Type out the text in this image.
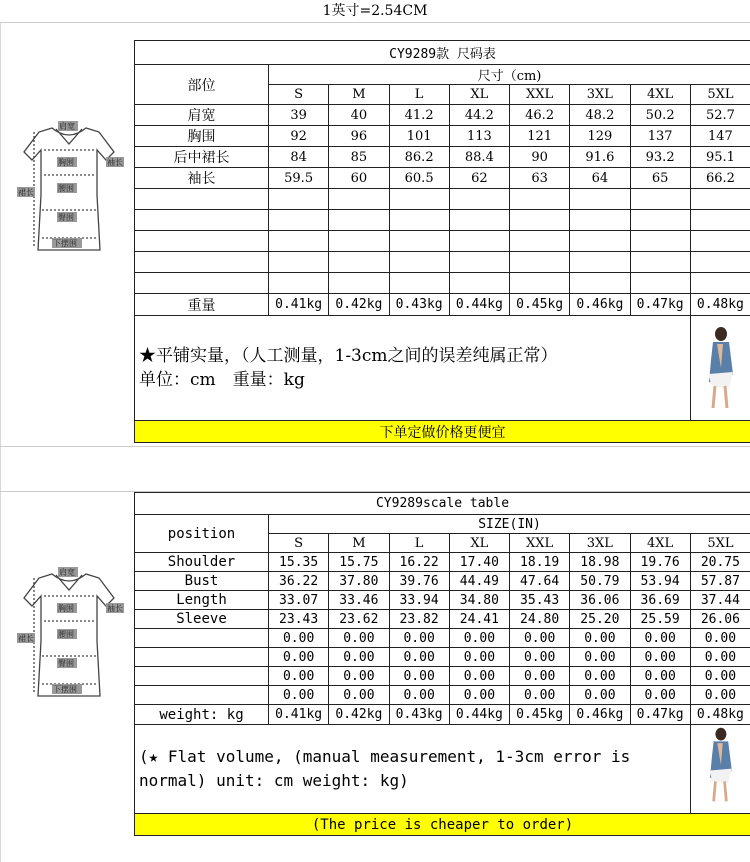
1英寸=2.54CM
肩宽
胸围
腰围
臀围
下摆围
裙长
袖长
CY9289款 尺码表								
部位	尺寸（cm)							
	S	M	L	XL	XXL	3XL	4XL	5XL
肩宽	39	40	41.2	44.2	46.2	48.2	50.2	52.7
胸围	92	96	101	113	121	129	137	147
后中裙长	84	85	86.2	88.4	90	91.6	93.2	95.1
袖长	59.5	60	60.5	62	63	64	65	66.2

重量	0.41kg	0.42kg	0.43kg	0.44kg	0.45kg	0.46kg	0.47kg	0.48kg

★平铺实量，（人工测量，1-3cm之间的误差纯属正常）
单位：cm　重量：kg

下单定做价格更便宜								
肩宽
胸围
腰围
臀围
下摆围
裙长
袖长
CY9289scale table								
position	SIZE(IN)							
	S	M	L	XL	XXL	3XL	4XL	5XL
Shoulder	15.35	15.75	16.22	17.40	18.19	18.98	19.76	20.75
Bust	36.22	37.80	39.76	44.49	47.64	50.79	53.94	57.87
Length	33.07	33.46	33.94	34.80	35.43	36.06	36.69	37.44
Sleeve	23.43	23.62	23.82	24.41	24.80	25.20	25.59	26.06
	0.00	0.00	0.00	0.00	0.00	0.00	0.00	0.00
	0.00	0.00	0.00	0.00	0.00	0.00	0.00	0.00
	0.00	0.00	0.00	0.00	0.00	0.00	0.00	0.00
	0.00	0.00	0.00	0.00	0.00	0.00	0.00	0.00
weight: kg	0.41kg	0.42kg	0.43kg	0.44kg	0.45kg	0.46kg	0.47kg	0.48kg
(★ Flat volume, (manual measurement, 1-3cm error is normal) unit: cm weight: kg)	

(The price is cheaper to order)								
